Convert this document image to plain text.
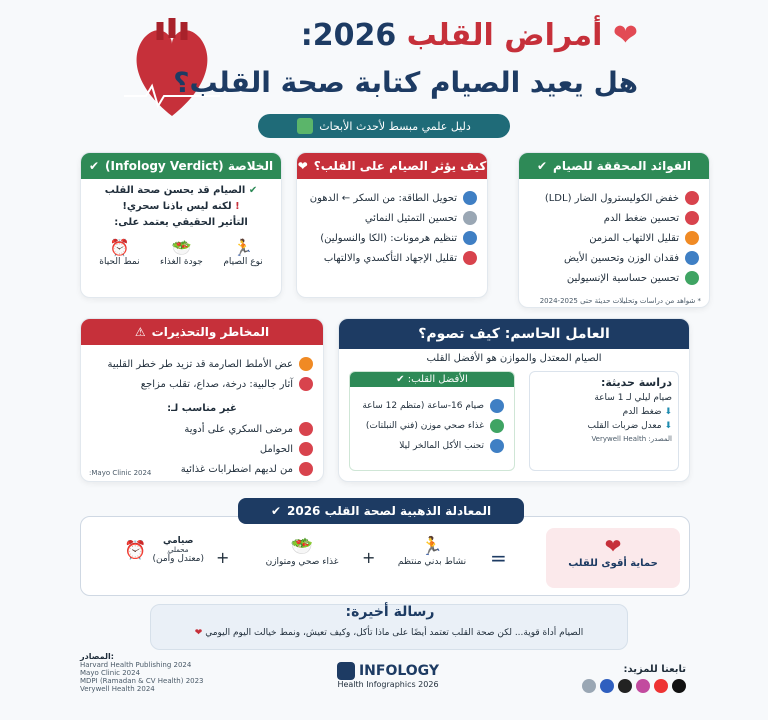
❤ أمراض القلب 2026:
هل يعيد الصيام كتابة صحة القلب؟
دليل علمي مبسط لأحدث الأبحاث
الفوائد المحققة للصيام
✔
خفض الكوليسترول الضار (LDL)
تحسين ضغط الدم
تقليل الالتهاب المزمن
فقدان الوزن وتحسين الأيض
تحسين حساسية الإنسيولين
* شواهد من دراسات وتحليلات حديثة حتى 2025-2024
كيف يؤثر الصيام على القلب؟
❤
تحويل الطاقة: من السكر ← الدهون
تحسين التمثيل النمائي
تنظيم هرمونات: (الكا والنسولين)
تقليل الإجهاد التأكسدي والالتهاب
الخلاصة (Infology Verdict)
✔
✔ الصيام قد يحسن صحة القلب
! لكنه ليس باذنا سحري!
التأثير الحقيقي يعتمد على:
🏃
نوع الصيام
🥗
جودة الغذاء
⏰
نمط الحياة
المخاطر والتحذيرات
⚠
عض الأملط الصارمة قد تزيد طر خطر القلبية
آثار جالبية: درخة، صداع، تقلب مزاجع
غير مناسب لـ:
مرضى السكري على أدوية
الحوامل
من لديهم اضطرابات غذائية
Mayo Clinic 2024:
العامل الحاسم: كيف تصوم؟
الصيام المعتدل والموازن هو الأفضل القلب
دراسة حديثة:
صيام ليلي لـ 1 ساعة
⬇ ضغط الدم
⬇ معدل ضربات القلب
المصدر: Verywell Health
الأفضل القلب: ✔
صيام 16-ساعة (متظم 12 ساعة
غذاء صحي موزن (فني النبلتات)
تحنب الأكل المالخر ليلا
المعادلة الذهبية لصحة القلب 2026
✔
❤
حماية أقوى للقلب
=
🏃
نشاط بدني منتظم
+
🥗
غذاء صحي ومتوازن
+
صيامي
محملي
(معتدل وآمن)
⏰
رسالة أخيرة:
الصيام أداة قوية... لكن صحة القلب تعتمد أيضًا على ماذا تأكل، وكيف تعيش، ونمط خيالت اليوم اليومي ❤
المصادر:
Harvard Health Publishing 2024
Mayo Clinic 2024
MDPI (Ramadan & CV Health) 2023
Verywell Health 2024
INFOLOGY
Health Infographics 2026
تابعنا للمزيد:
